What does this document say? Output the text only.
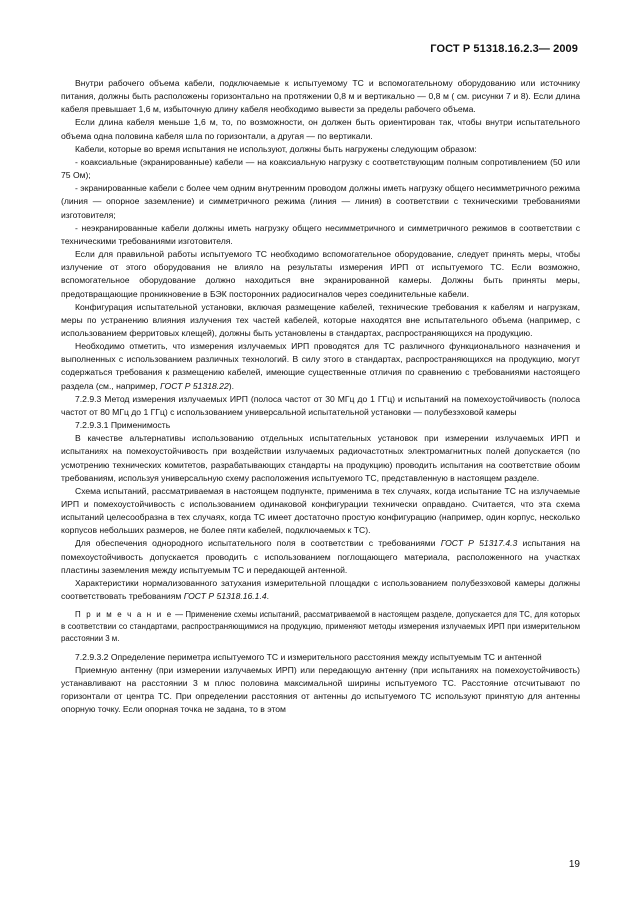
ГОСТ Р 51318.16.2.3— 2009

Внутри рабочего объема кабели, подключаемые к испытуемому ТС и вспомогательному оборудованию или источнику питания, должны быть расположены горизонтально на протяжении 0,8 м и вертикально — 0,8 м ( см. рисунки 7 и 8). Если длина кабеля превышает 1,6 м, избыточную длину кабеля необходимо вывести за пределы рабочего объема.

Если длина кабеля меньше 1,6 м, то, по возможности, он должен быть ориентирован так, чтобы внутри испытательного объема одна половина кабеля шла по горизонтали, а другая — по вертикали.

Кабели, которые во время испытания не используют, должны быть нагружены следующим образом:

- коаксиальные (экранированные) кабели — на коаксиальную нагрузку с соответствующим полным сопротивлением (50 или 75 Ом);

- экранированные кабели с более чем одним внутренним проводом должны иметь нагрузку общего несимметричного режима (линия — опорное заземление) и симметричного режима (линия — линия) в соответствии с техническими требованиями изготовителя;

- неэкранированные кабели должны иметь нагрузку общего несимметричного и симметричного режимов в соответствии с техническими требованиями изготовителя.

Если для правильной работы испытуемого ТС необходимо вспомогательное оборудование, следует принять меры, чтобы излучение от этого оборудования не влияло на результаты измерения ИРП от испытуемого ТС. Если возможно, вспомогательное оборудование должно находиться вне экранированной камеры. Должны быть приняты меры, предотвращающие проникновение в БЭК посторонних радиосигналов через соединительные кабели.

Конфигурация испытательной установки, включая размещение кабелей, технические требования к кабелям и нагрузкам, меры по устранению влияния излучения тех частей кабелей, которые находятся вне испытательного объема (например, с использованием ферритовых клещей), должны быть установлены в стандартах, распространяющихся на продукцию.

Необходимо отметить, что измерения излучаемых ИРП проводятся для ТС различного функционального назначения и выполненных с использованием различных технологий. В силу этого в стандартах, распространяющихся на продукцию, могут содержаться требования к размещению кабелей, имеющие существенные отличия по сравнению с требованиями настоящего раздела (см., например, ГОСТ Р 51318.22).

7.2.9.3 Метод измерения излучаемых ИРП (полоса частот от 30 МГц до 1 ГГц) и испытаний на помехоустойчивость (полоса частот от 80 МГц до 1 ГГц) с использованием универсальной испытательной установки — полубезэховой камеры

7.2.9.3.1 Применимость

В качестве альтернативы использованию отдельных испытательных установок при измерении излучаемых ИРП и испытаниях на помехоустойчивость при воздействии излучаемых радиочастотных электромагнитных полей допускается (по усмотрению технических комитетов, разрабатывающих стандарты на продукцию) проводить испытания на соответствие обоим требованиям, используя универсальную схему расположения испытуемого ТС, представленную в настоящем разделе.

Схема испытаний, рассматриваемая в настоящем подпункте, применима в тех случаях, когда испытание ТС на излучаемые ИРП и помехоустойчивость с использованием одинаковой конфигурации технически оправдано. Считается, что эта схема испытаний целесообразна в тех случаях, когда ТС имеет достаточно простую конфигурацию (например, один корпус, несколько корпусов небольших размеров, не более пяти кабелей, подключаемых к ТС).

Для обеспечения однородного испытательного поля в соответствии с требованиями ГОСТ Р 51317.4.3 испытания на помехоустойчивость допускается проводить с использованием поглощающего материала, расположенного на участках пластины заземления между испытуемым ТС и передающей антенной.

Характеристики нормализованного затухания измерительной площадки с использованием полубезэховой камеры должны соответствовать требованиям ГОСТ Р 51318.16.1.4.

П р и м е ч а н и е — Применение схемы испытаний, рассматриваемой в настоящем разделе, допускается для ТС, для которых в соответствии со стандартами, распространяющимися на продукцию, применяют методы измерения излучаемых ИРП при измерительном расстоянии 3 м.

7.2.9.3.2 Определение периметра испытуемого ТС и измерительного расстояния между испытуемым ТС и антенной

Приемную антенну (при измерении излучаемых ИРП) или передающую антенну (при испытаниях на помехоустойчивость) устанавливают на расстоянии 3 м плюс половина максимальной ширины испытуемого ТС. Расстояние отсчитывают по горизонтали от центра ТС. При определении расстояния от антенны до испытуемого ТС используют принятую для антенны опорную точку. Если опорная точка не задана, то в этом

19
